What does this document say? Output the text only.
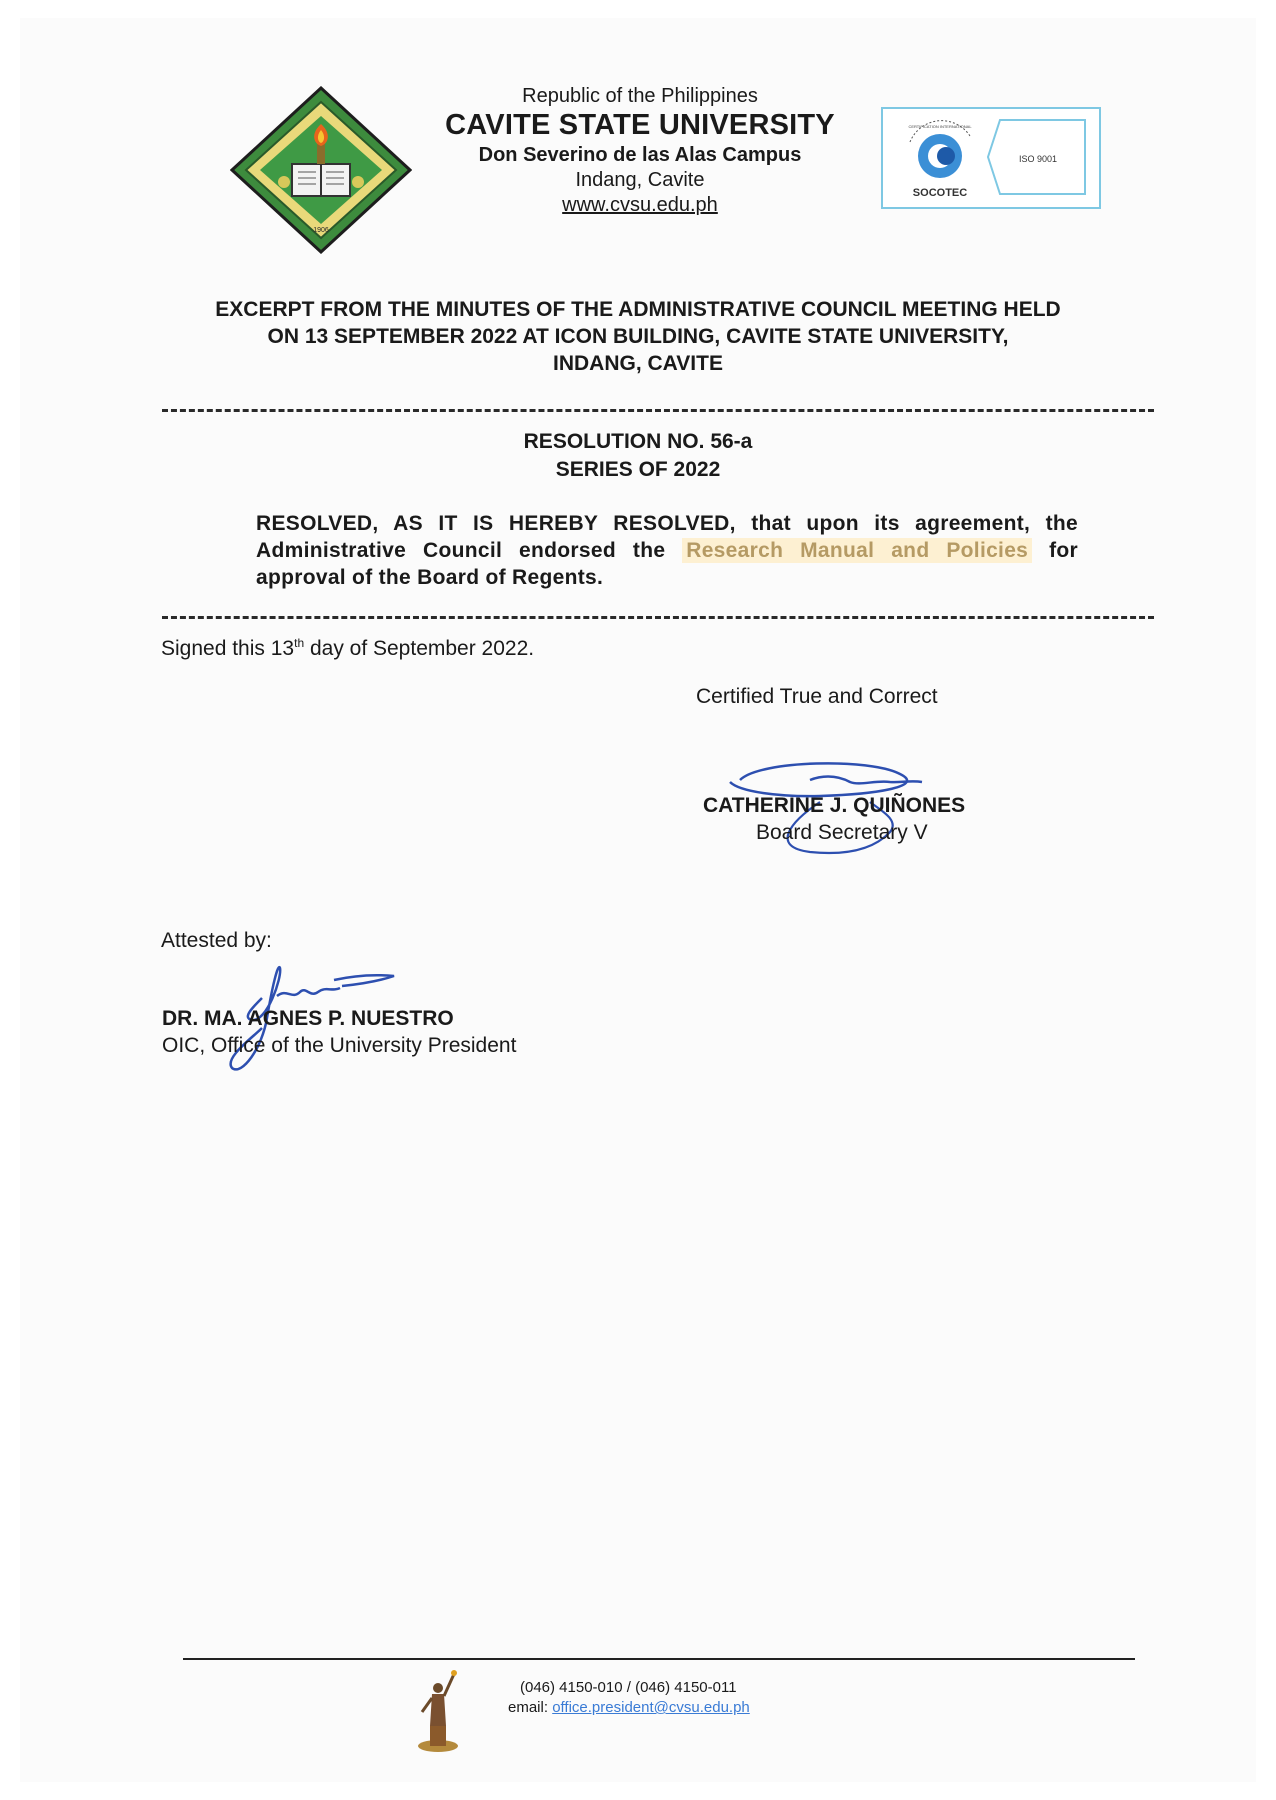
1906
Republic of the Philippines
CAVITE STATE UNIVERSITY
Don Severino de las Alas Campus
Indang, Cavite
www.cvsu.edu.ph
SOCOTEC
ISO 9001
CERTIFICATION INTERNATIONAL
EXCERPT FROM THE MINUTES OF THE ADMINISTRATIVE COUNCIL MEETING HELD
ON 13 SEPTEMBER 2022 AT ICON BUILDING, CAVITE STATE UNIVERSITY,
INDANG, CAVITE
RESOLUTION NO. 56-a
SERIES OF 2022
RESOLVED, AS IT IS HEREBY RESOLVED, that upon its agreement, the Administrative Council endorsed the Research Manual and Policies for approval of the Board of Regents.
Signed this 13th day of September 2022.
Certified True and Correct
CATHERINE J. QUIÑONES
Board Secretary V
Attested by:
DR. MA. AGNES P. NUESTRO
OIC, Office of the University President
(046) 4150-010 / (046) 4150-011
email: office.president@cvsu.edu.ph
